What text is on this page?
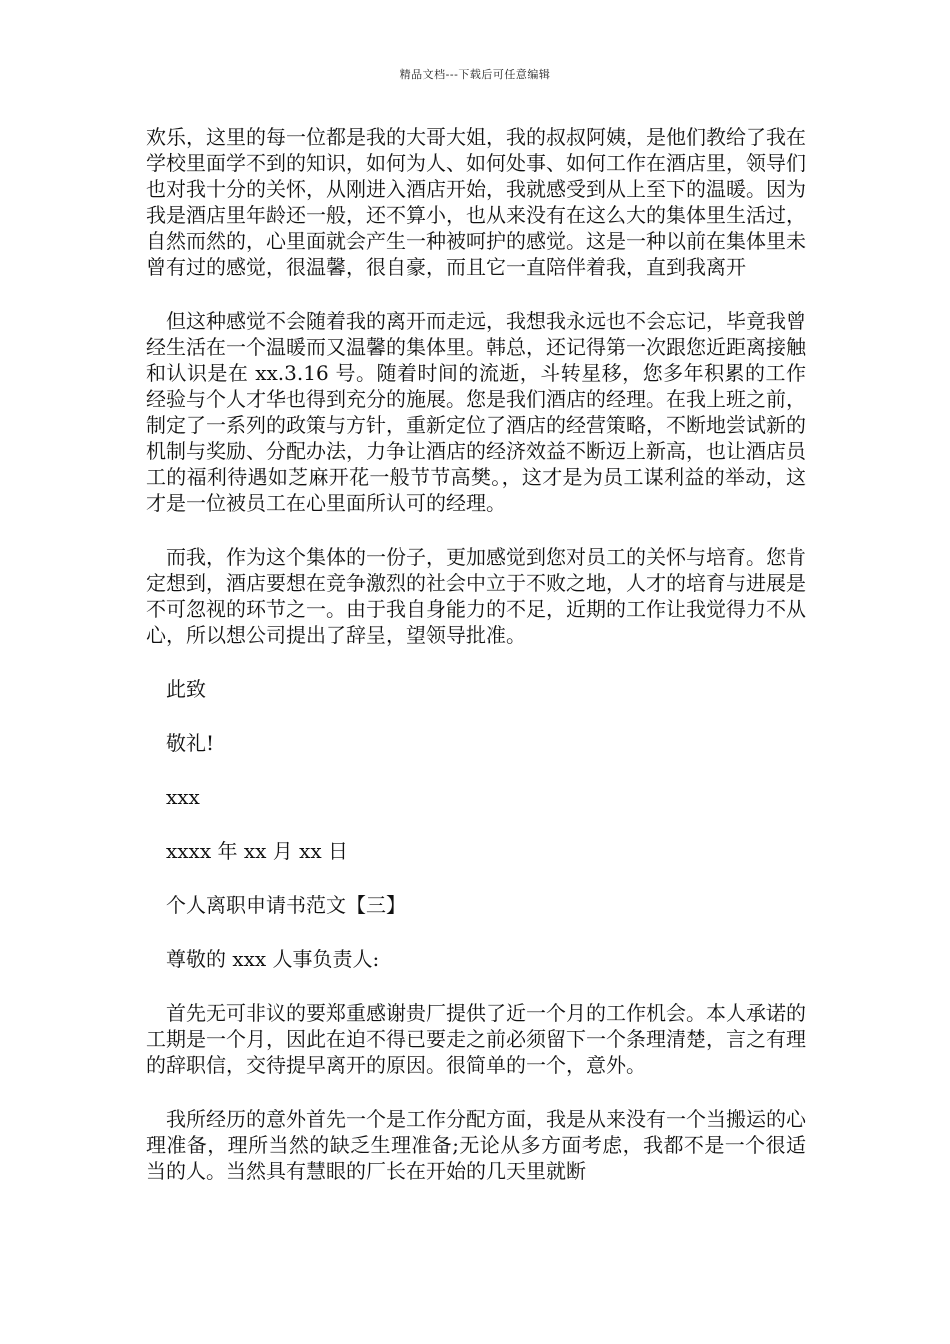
精品文档---下载后可任意编辑

欢乐，这里的每一位都是我的大哥大姐，我的叔叔阿姨，是他们教给了我在学校里面学不到的知识，如何为人、如何处事、如何工作在酒店里，领导们也对我十分的关怀，从刚进入酒店开始，我就感受到从上至下的温暖。因为我是酒店里年龄还一般，还不算小，也从来没有在这么大的集体里生活过，自然而然的，心里面就会产生一种被呵护的感觉。这是一种以前在集体里未曾有过的感觉，很温馨，很自豪，而且它一直陪伴着我，直到我离开

但这种感觉不会随着我的离开而走远，我想我永远也不会忘记，毕竟我曾经生活在一个温暖而又温馨的集体里。韩总，还记得第一次跟您近距离接触和认识是在 xx.3.16 号。随着时间的流逝，斗转星移，您多年积累的工作经验与个人才华也得到充分的施展。您是我们酒店的经理。在我上班之前，制定了一系列的政策与方针，重新定位了酒店的经营策略，不断地尝试新的机制与奖励、分配办法，力争让酒店的经济效益不断迈上新高，也让酒店员工的福利待遇如芝麻开花一般节节高樊。，这才是为员工谋利益的举动，这才是一位被员工在心里面所认可的经理。

而我，作为这个集体的一份子，更加感觉到您对员工的关怀与培育。您肯定想到，酒店要想在竞争激烈的社会中立于不败之地，人才的培育与进展是不可忽视的环节之一。由于我自身能力的不足，近期的工作让我觉得力不从心，所以想公司提出了辞呈，望领导批准。

此致

敬礼!

xxx

xxxx 年 xx 月 xx 日

个人离职申请书范文【三】

尊敬的 xxx 人事负责人:

首先无可非议的要郑重感谢贵厂提供了近一个月的工作机会。本人承诺的工期是一个月，因此在迫不得已要走之前必须留下一个条理清楚，言之有理的辞职信，交待提早离开的原因。很简单的一个，意外。

我所经历的意外首先一个是工作分配方面，我是从来没有一个当搬运的心理准备，理所当然的缺乏生理准备;无论从多方面考虑，我都不是一个很适当的人。当然具有慧眼的厂长在开始的几天里就断
